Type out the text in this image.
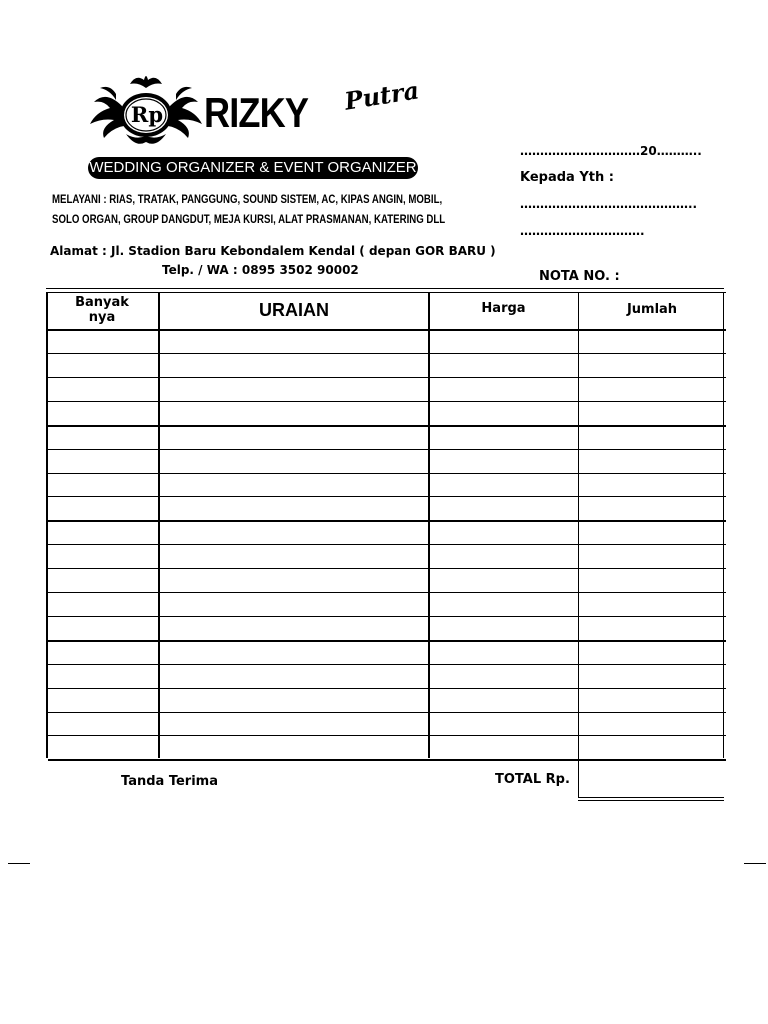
Rp RIZKY Putra
WEDDING ORGANIZER & EVENT ORGANIZER
MELAYANI : RIAS, TRATAK, PANGGUNG, SOUND SISTEM, AC, KIPAS ANGIN, MOBIL,
SOLO ORGAN, GROUP DANGDUT, MEJA KURSI, ALAT PRASMANAN, KATERING DLL
Alamat : Jl. Stadion Baru Kebondalem Kendal ( depan GOR BARU )
Telp. / WA : 0895 3502 90002
…………………………20………..
Kepada Yth :
……………………………………..
………………………….
NOTA NO. :
Banyak
nya	URAIAN	Harga	Jumlah
Tanda Terima	TOTAL Rp.
